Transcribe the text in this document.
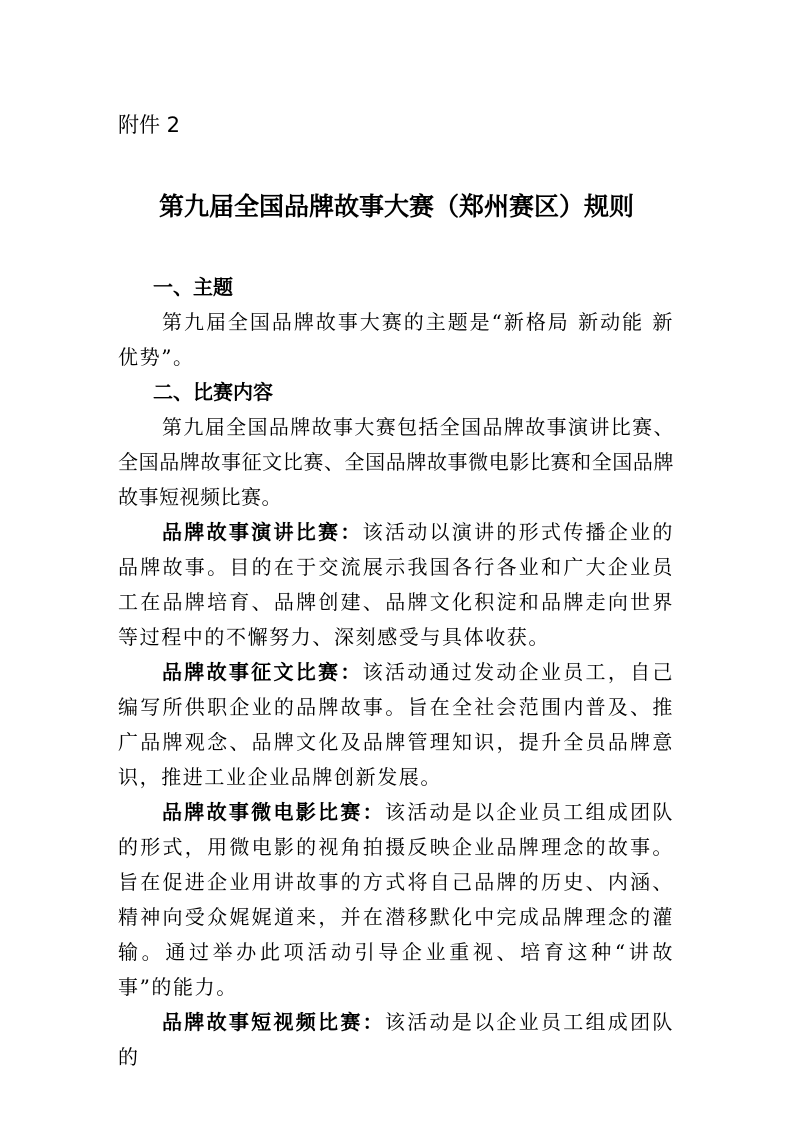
附件 2

第九届全国品牌故事大赛（郑州赛区）规则
一、主题

第九届全国品牌故事大赛的主题是“新格局 新动能 新优势”。

二、比赛内容

第九届全国品牌故事大赛包括全国品牌故事演讲比赛、全国品牌故事征文比赛、全国品牌故事微电影比赛和全国品牌故事短视频比赛。

品牌故事演讲比赛：该活动以演讲的形式传播企业的品牌故事。目的在于交流展示我国各行各业和广大企业员工在品牌培育、品牌创建、品牌文化积淀和品牌走向世界等过程中的不懈努力、深刻感受与具体收获。

品牌故事征文比赛：该活动通过发动企业员工，自己编写所供职企业的品牌故事。旨在全社会范围内普及、推广品牌观念、品牌文化及品牌管理知识，提升全员品牌意识，推进工业企业品牌创新发展。

品牌故事微电影比赛：该活动是以企业员工组成团队的形式，用微电影的视角拍摄反映企业品牌理念的故事。旨在促进企业用讲故事的方式将自己品牌的历史、内涵、精神向受众娓娓道来，并在潜移默化中完成品牌理念的灌输。通过举办此项活动引导企业重视、培育这种“讲故事”的能力。

品牌故事短视频比赛：该活动是以企业员工组成团队的
